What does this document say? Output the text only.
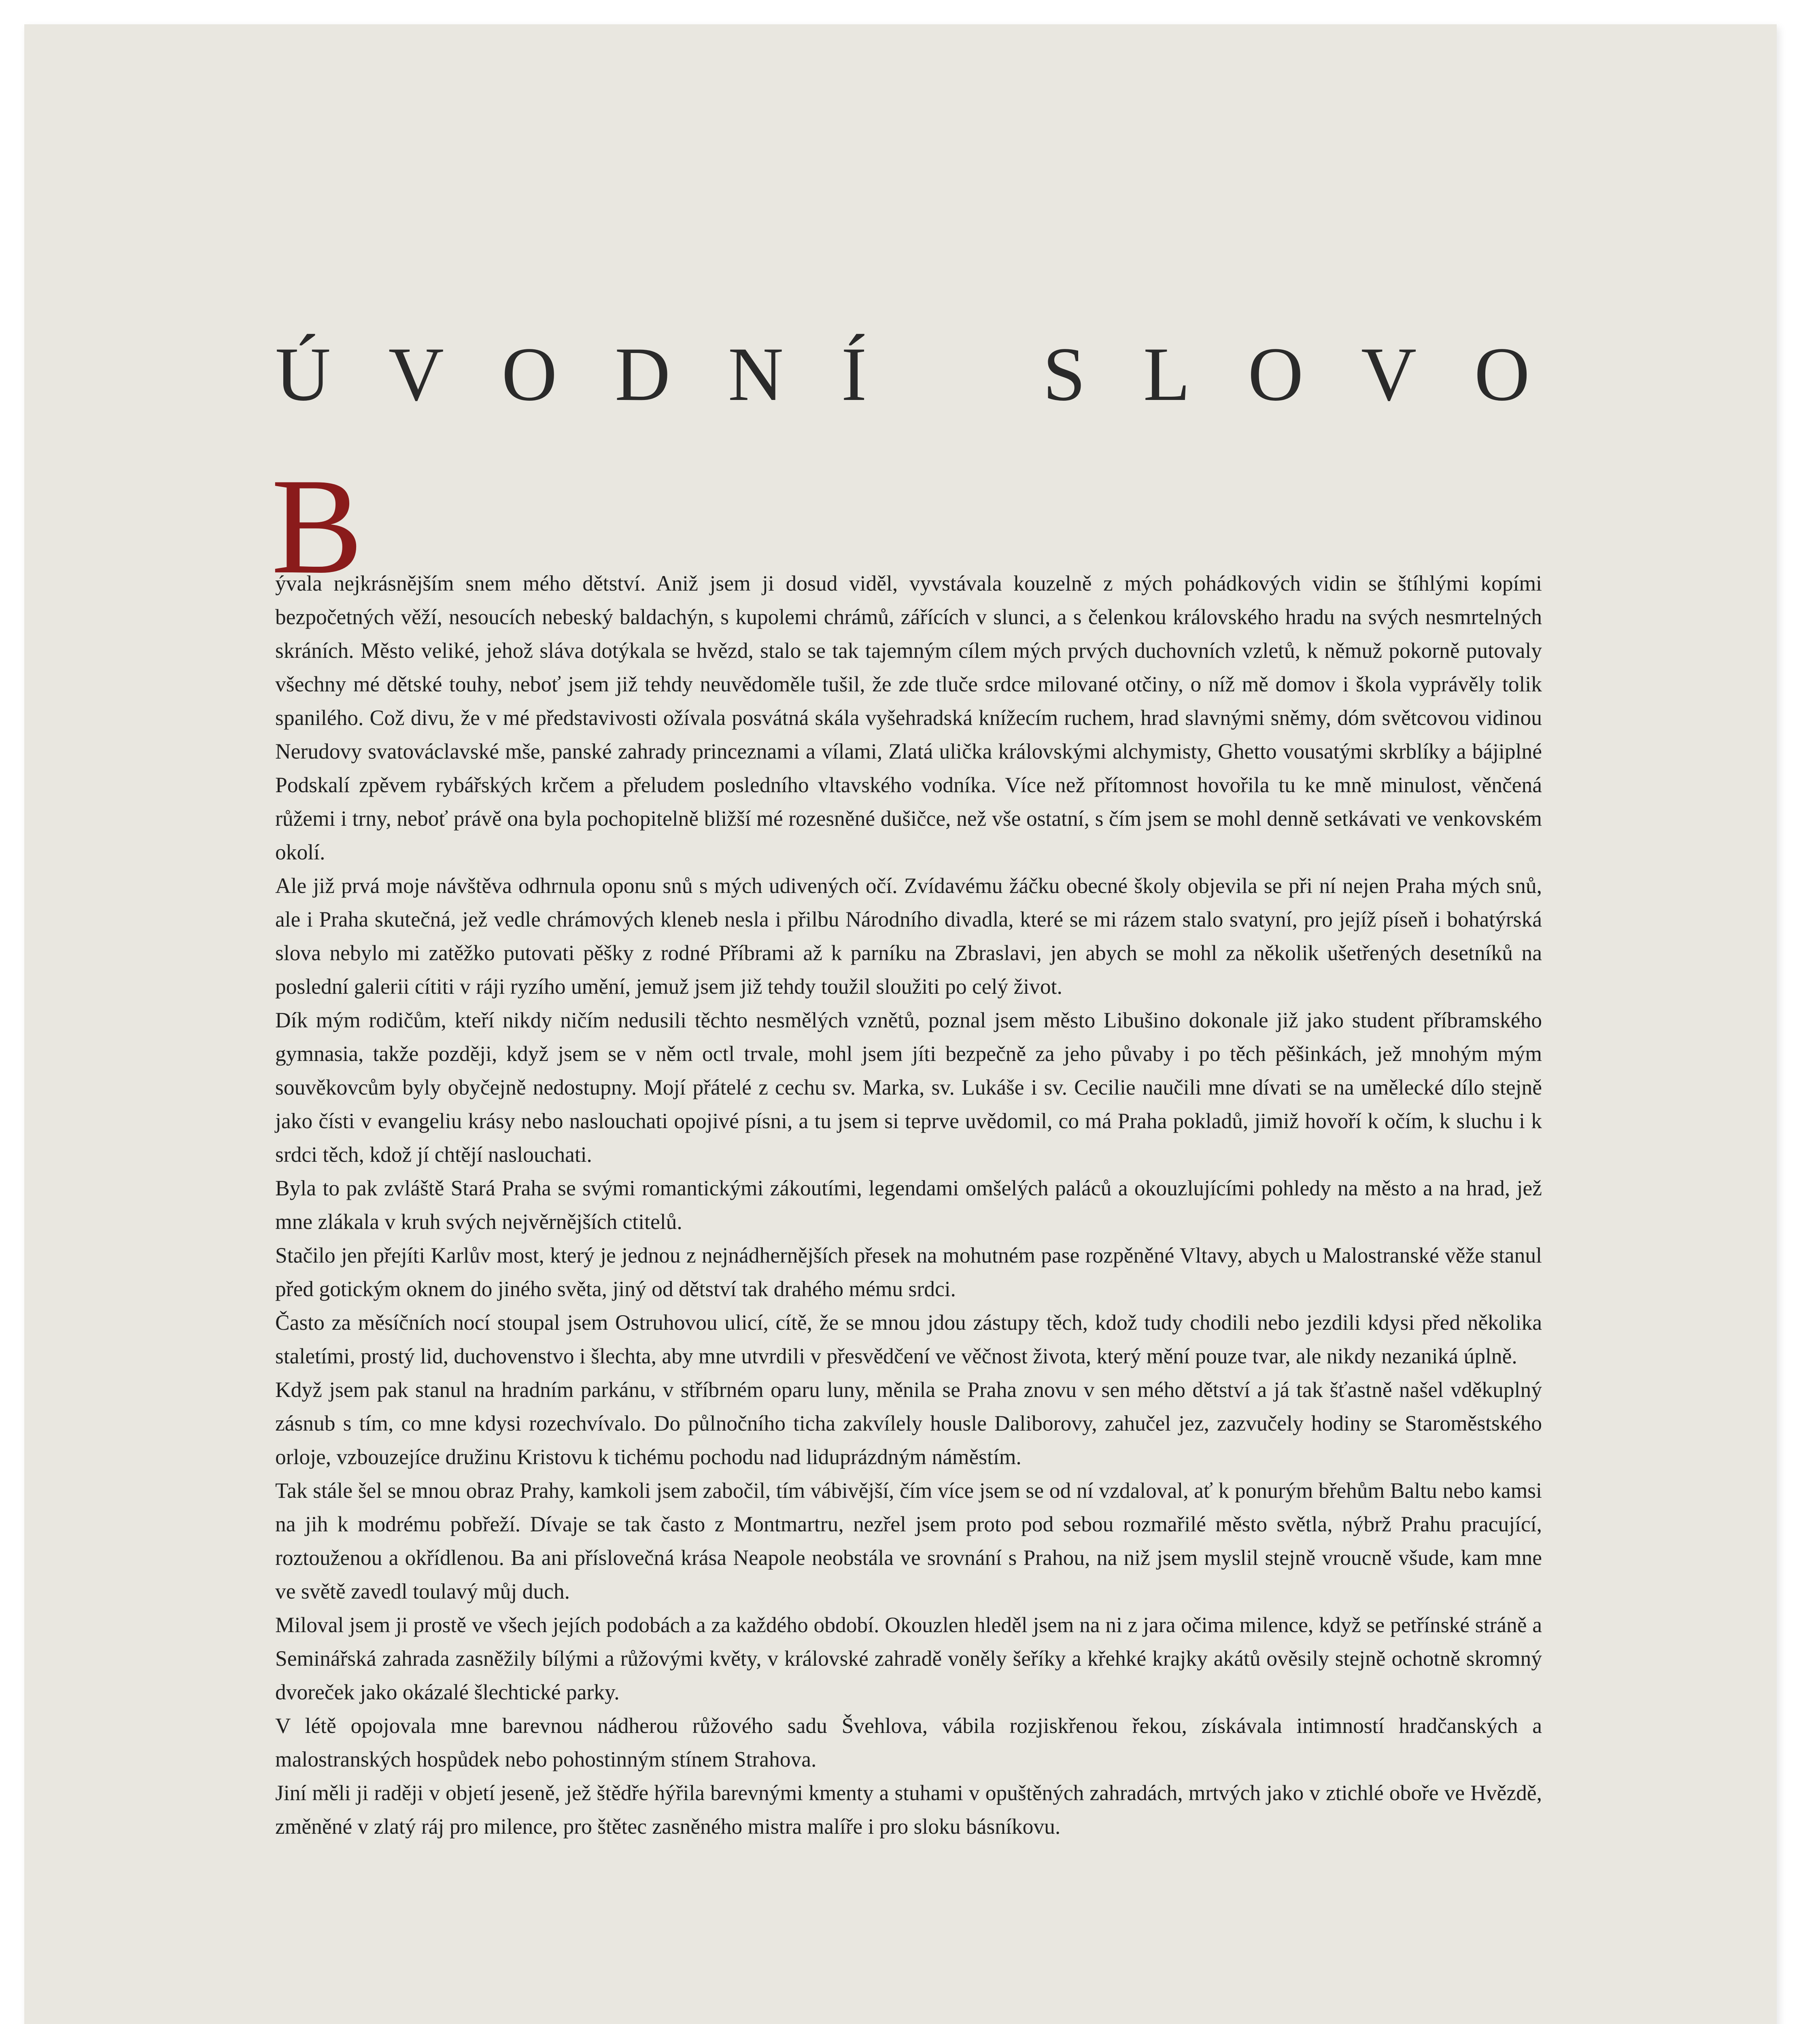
Ú V O D N Í S L O V O
B

ývala nejkrásnějším snem mého dětství. Aniž jsem ji dosud viděl, vyvstávala kouzelně z mých pohádkových vidin se štíhlými kopími bezpočetných věží, nesoucích nebeský baldachýn, s kupolemi chrámů, zářících v slunci, a s čelenkou královského hradu na svých nesmrtelných skráních. Město veliké, jehož sláva dotýkala se hvězd, stalo se tak tajemným cílem mých prvých duchovních vzletů, k němuž pokorně putovaly všechny mé dětské touhy, neboť jsem již tehdy neuvědoměle tušil, že zde tluče srdce milované otčiny, o níž mě domov i škola vyprávěly tolik spanilého. Což divu, že v mé představivosti ožívala posvátná skála vyšehradská knížecím ruchem, hrad slavnými sněmy, dóm světcovou vidinou Nerudovy svatováclavské mše, panské zahrady princeznami a vílami, Zlatá ulička královskými alchymisty, Ghetto vousatými skrblíky a bájiplné Podskalí zpěvem rybářských krčem a přeludem posledního vltavského vodníka. Více než přítomnost hovořila tu ke mně minulost, věnčená růžemi i trny, neboť právě ona byla pochopitelně bližší mé rozesněné dušičce, než vše ostatní, s čím jsem se mohl denně setkávati ve venkovském okolí.

Ale již prvá moje návštěva odhrnula oponu snů s mých udivených očí. Zvídavému žáčku obecné školy objevila se při ní nejen Praha mých snů, ale i Praha skutečná, jež vedle chrámových kleneb nesla i přilbu Národního divadla, které se mi rázem stalo svatyní, pro jejíž píseň i bohatýrská slova nebylo mi zatěžko putovati pěšky z rodné Příbrami až k parníku na Zbraslavi, jen abych se mohl za několik ušetřených desetníků na poslední galerii cítiti v ráji ryzího umění, jemuž jsem již tehdy toužil sloužiti po celý život.

Dík mým rodičům, kteří nikdy ničím nedusili těchto nesmělých vznětů, poznal jsem město Libušino dokonale již jako student příbramského gymnasia, takže později, když jsem se v něm octl trvale, mohl jsem jíti bezpečně za jeho půvaby i po těch pěšinkách, jež mnohým mým souvěkovcům byly obyčejně nedostupny. Mojí přátelé z cechu sv. Marka, sv. Lukáše i sv. Cecilie naučili mne dívati se na umělecké dílo stejně jako čísti v evangeliu krásy nebo naslouchati opojivé písni, a tu jsem si teprve uvědomil, co má Praha pokladů, jimiž hovoří k očím, k sluchu i k srdci těch, kdož jí chtějí naslouchati.

Byla to pak zvláště Stará Praha se svými romantickými zákoutími, legendami omšelých paláců a okouzlujícími pohledy na město a na hrad, jež mne zlákala v kruh svých nejvěrnějších ctitelů.

Stačilo jen přejíti Karlův most, který je jednou z nejnádhernějších přesek na mohutném pase rozpěněné Vltavy, abych u Malostranské věže stanul před gotickým oknem do jiného světa, jiný od dětství tak drahého mému srdci.

Často za měsíčních nocí stoupal jsem Ostruhovou ulicí, cítě, že se mnou jdou zástupy těch, kdož tudy chodili nebo jezdili kdysi před několika staletími, prostý lid, duchovenstvo i šlechta, aby mne utvrdili v přesvědčení ve věčnost života, který mění pouze tvar, ale nikdy nezaniká úplně.

Když jsem pak stanul na hradním parkánu, v stříbrném oparu luny, měnila se Praha znovu v sen mého dětství a já tak šťastně našel vděkuplný zásnub s tím, co mne kdysi rozechvívalo. Do půlnočního ticha zakvílely housle Daliborovy, zahučel jez, zazvučely hodiny se Staroměstského orloje, vzbouzejíce družinu Kristovu k tichému pochodu nad liduprázdným náměstím.

Tak stále šel se mnou obraz Prahy, kamkoli jsem zabočil, tím vábivější, čím více jsem se od ní vzdaloval, ať k ponurým břehům Baltu nebo kamsi na jih k modrému pobřeží. Dívaje se tak často z Montmartru, nezřel jsem proto pod sebou rozmařilé město světla, nýbrž Prahu pracující, roztouženou a okřídlenou. Ba ani příslovečná krása Neapole neobstála ve srovnání s Prahou, na niž jsem myslil stejně vroucně všude, kam mne ve světě zavedl toulavý můj duch.

Miloval jsem ji prostě ve všech jejích podobách a za každého období. Okouzlen hleděl jsem na ni z jara očima milence, když se petřínské stráně a Seminářská zahrada zasněžily bílými a růžovými květy, v královské zahradě voněly šeříky a křehké krajky akátů ověsily stejně ochotně skromný dvoreček jako okázalé šlechtické parky.

V létě opojovala mne barevnou nádherou růžového sadu Švehlova, vábila rozjiskřenou řekou, získávala intimností hradčanských a malostranských hospůdek nebo pohostinným stínem Strahova.

Jiní měli ji raději v objetí jeseně, jež štědře hýřila barevnými kmenty a stuhami v opuštěných zahradách, mrtvých jako v ztichlé oboře ve Hvězdě, změněné v zlatý ráj pro milence, pro štětec zasněného mistra malíře i pro sloku básníkovu.
